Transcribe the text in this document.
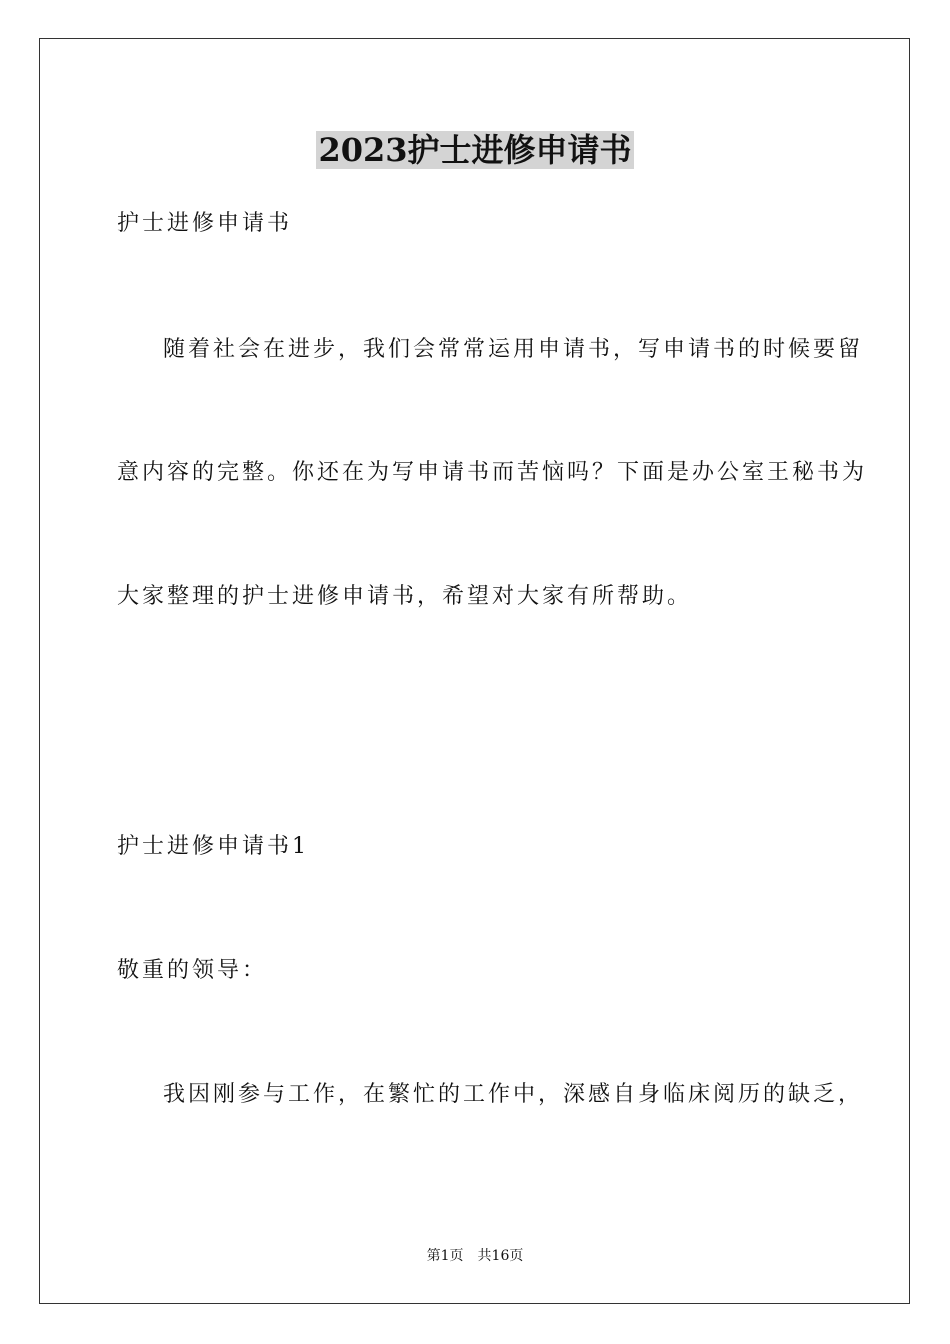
2023护士进修申请书
护士进修申请书
随着社会在进步，我们会常常运用申请书，写申请书的时候要留
意内容的完整。你还在为写申请书而苦恼吗？下面是办公室王秘书为
大家整理的护士进修申请书，希望对大家有所帮助。
护士进修申请书1
敬重的领导：
我因刚参与工作，在繁忙的工作中，深感自身临床阅历的缺乏，
第1页　共16页
